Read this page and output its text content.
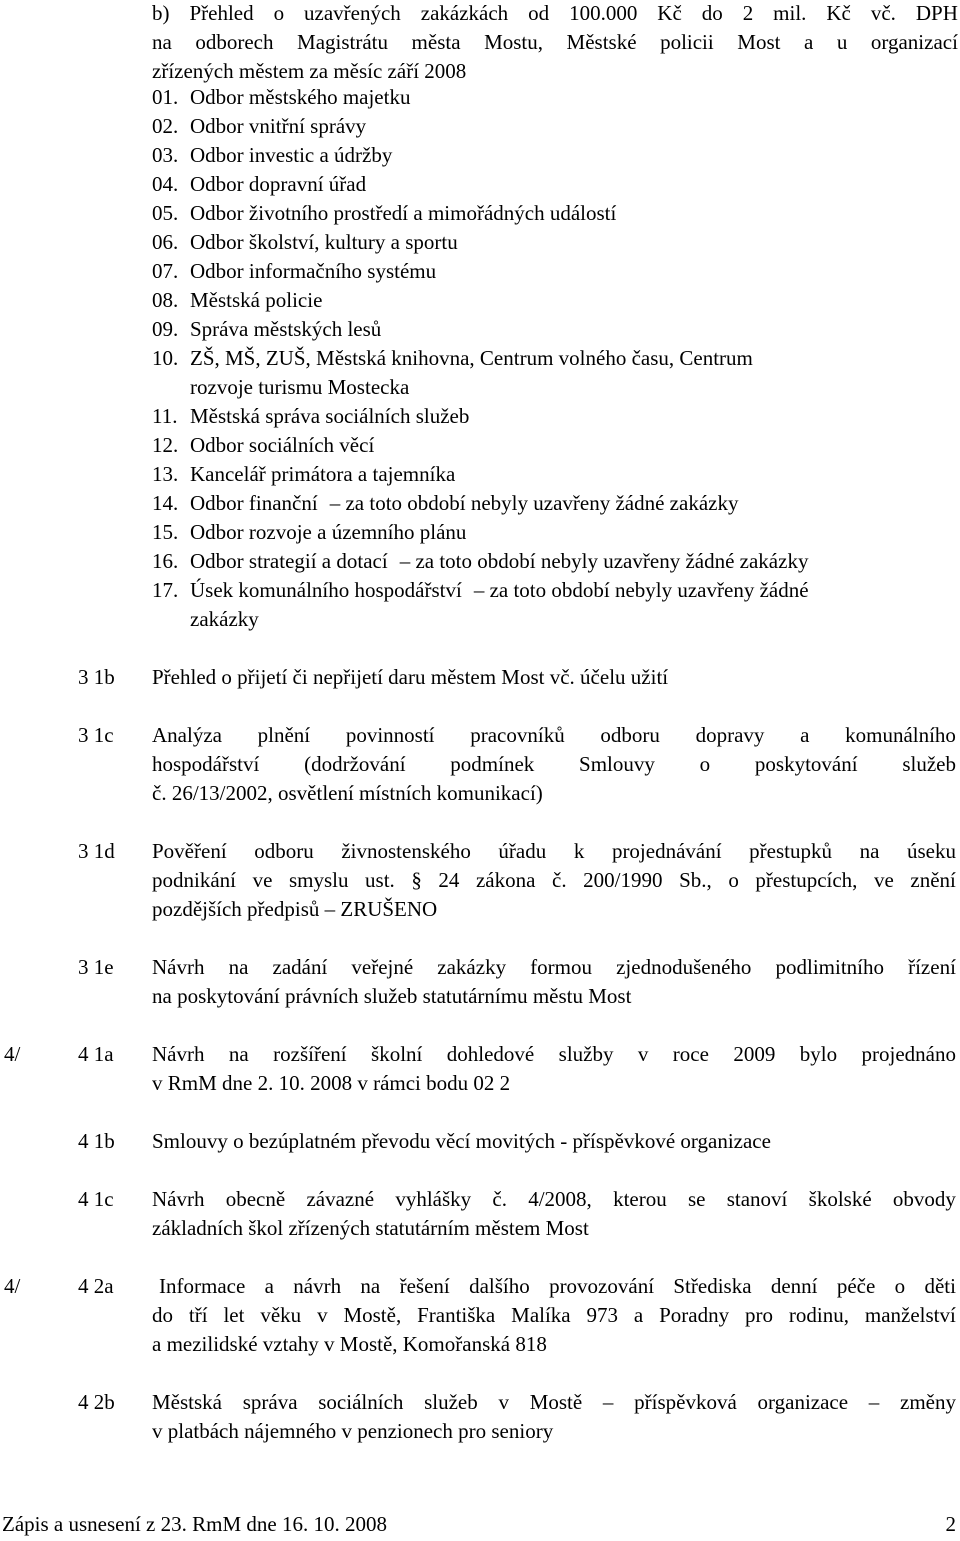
b) Přehled o uzavřených zakázkách od 100.000 Kč do 2 mil. Kč vč. DPH
na odborech Magistrátu města Mostu, Městské policii Most a u organizací
zřízených městem za měsíc září 2008
01. Odbor městského majetku
02. Odbor vnitřní správy
03. Odbor investic a údržby
04. Odbor dopravní úřad
05. Odbor životního prostředí a mimořádných událostí
06. Odbor školství, kultury a sportu
07. Odbor informačního systému
08. Městská policie
09. Správa městských lesů
10. ZŠ, MŠ, ZUŠ, Městská knihovna, Centrum volného času, Centrum
rozvoje turismu Mostecka
11. Městská správa sociálních služeb
12. Odbor sociálních věcí
13. Kancelář primátora a tajemníka
14. Odbor finanční – za toto období nebyly uzavřeny žádné zakázky
15. Odbor rozvoje a územního plánu
16. Odbor strategií a dotací – za toto období nebyly uzavřeny žádné zakázky
17. Úsek komunálního hospodářství – za toto období nebyly uzavřeny žádné
zakázky
3 1b Přehled o přijetí či nepřijetí daru městem Most vč. účelu užití
3 1c Analýza plnění povinností pracovníků odboru dopravy a komunálního
hospodářství (dodržování podmínek Smlouvy o poskytování služeb
č. 26/13/2002, osvětlení místních komunikací)
3 1d Pověření odboru živnostenského úřadu k projednávání přestupků na úseku
podnikání ve smyslu ust. § 24 zákona č. 200/1990 Sb., o přestupcích, ve znění
pozdějších předpisů – ZRUŠENO
3 1e Návrh na zadání veřejné zakázky formou zjednodušeného podlimitního řízení
na poskytování právních služeb statutárnímu městu Most
4/	4 1a Návrh na rozšíření školní dohledové služby v roce 2009 bylo projednáno
v RmM dne 2. 10. 2008 v rámci bodu 02 2
4 1b Smlouvy o bezúplatném převodu věcí movitých - příspěvkové organizace
4 1c Návrh obecně závazné vyhlášky č. 4/2008, kterou se stanoví školské obvody
základních škol zřízených statutárním městem Most
4/	4 2a Informace a návrh na řešení dalšího provozování Střediska denní péče o děti
do tří let věku v Mostě, Františka Malíka 973 a Poradny pro rodinu, manželství
a mezilidské vztahy v Mostě, Komořanská 818
4 2b Městská správa sociálních služeb v Mostě – příspěvková organizace – změny
v platbách nájemného v penzionech pro seniory
Zápis a usnesení z 23. RmM dne 16. 10. 2008	2
